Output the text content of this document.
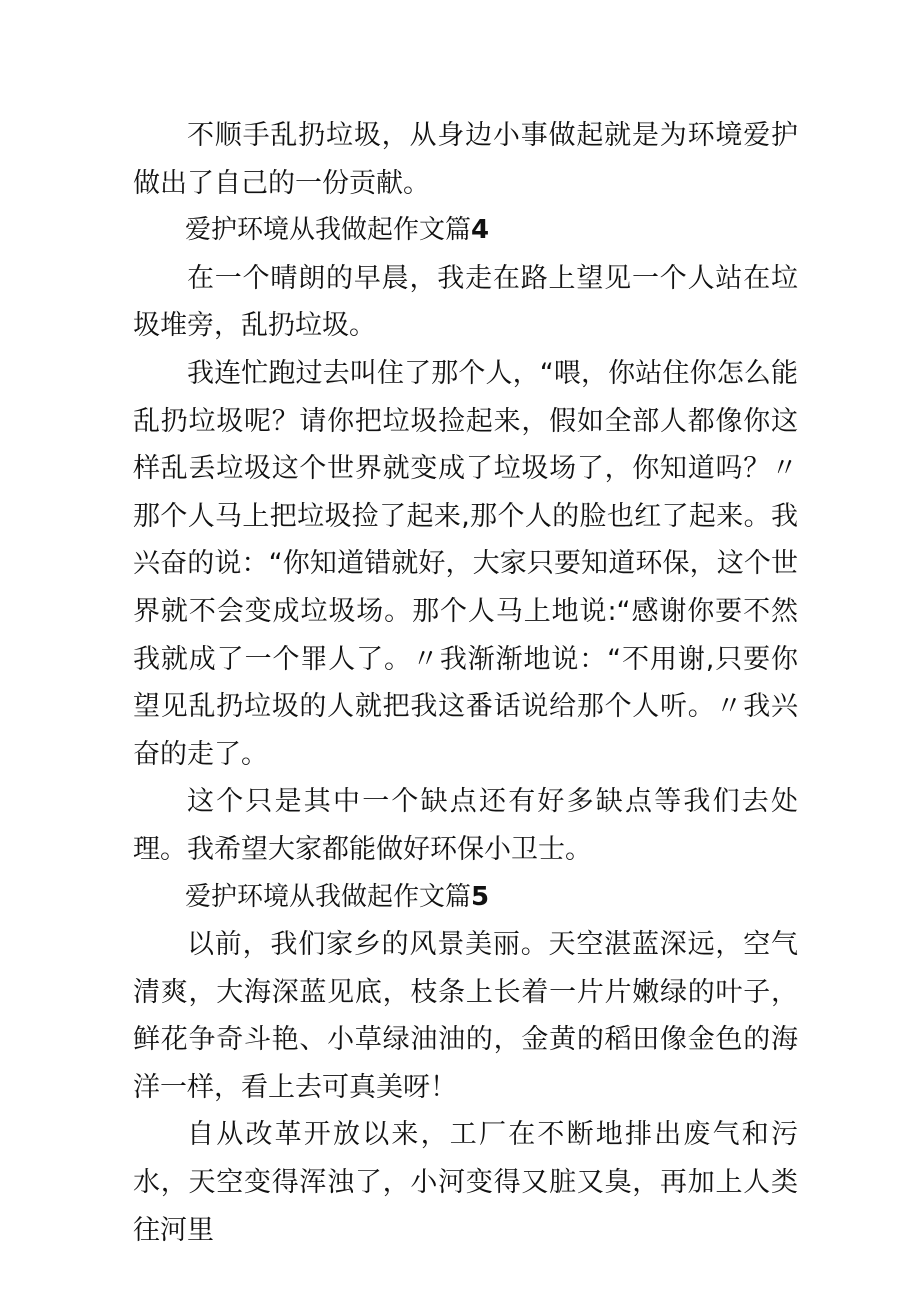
不顺手乱扔垃圾，从身边小事做起就是为环境爱护做出了自己的一份贡献。

爱护环境从我做起作文篇4

在一个晴朗的早晨，我走在路上望见一个人站在垃圾堆旁，乱扔垃圾。

我连忙跑过去叫住了那个人，“喂，你站住你怎么能乱扔垃圾呢？请你把垃圾捡起来，假如全部人都像你这样乱丢垃圾这个世界就变成了垃圾场了，你知道吗？〃那个人马上把垃圾捡了起来,那个人的脸也红了起来。我兴奋的说：“你知道错就好，大家只要知道环保，这个世界就不会变成垃圾场。那个人马上地说:“感谢你要不然我就成了一个罪人了。〃我渐渐地说：“不用谢,只要你望见乱扔垃圾的人就把我这番话说给那个人听。〃我兴奋的走了。

这个只是其中一个缺点还有好多缺点等我们去处理。我希望大家都能做好环保小卫士。

爱护环境从我做起作文篇5

以前，我们家乡的风景美丽。天空湛蓝深远，空气清爽，大海深蓝见底，枝条上长着一片片嫩绿的叶子，鲜花争奇斗艳、小草绿油油的，金黄的稻田像金色的海洋一样，看上去可真美呀！

自从改革开放以来，工厂在不断地排出废气和污水，天空变得浑浊了，小河变得又脏又臭，再加上人类往河里
